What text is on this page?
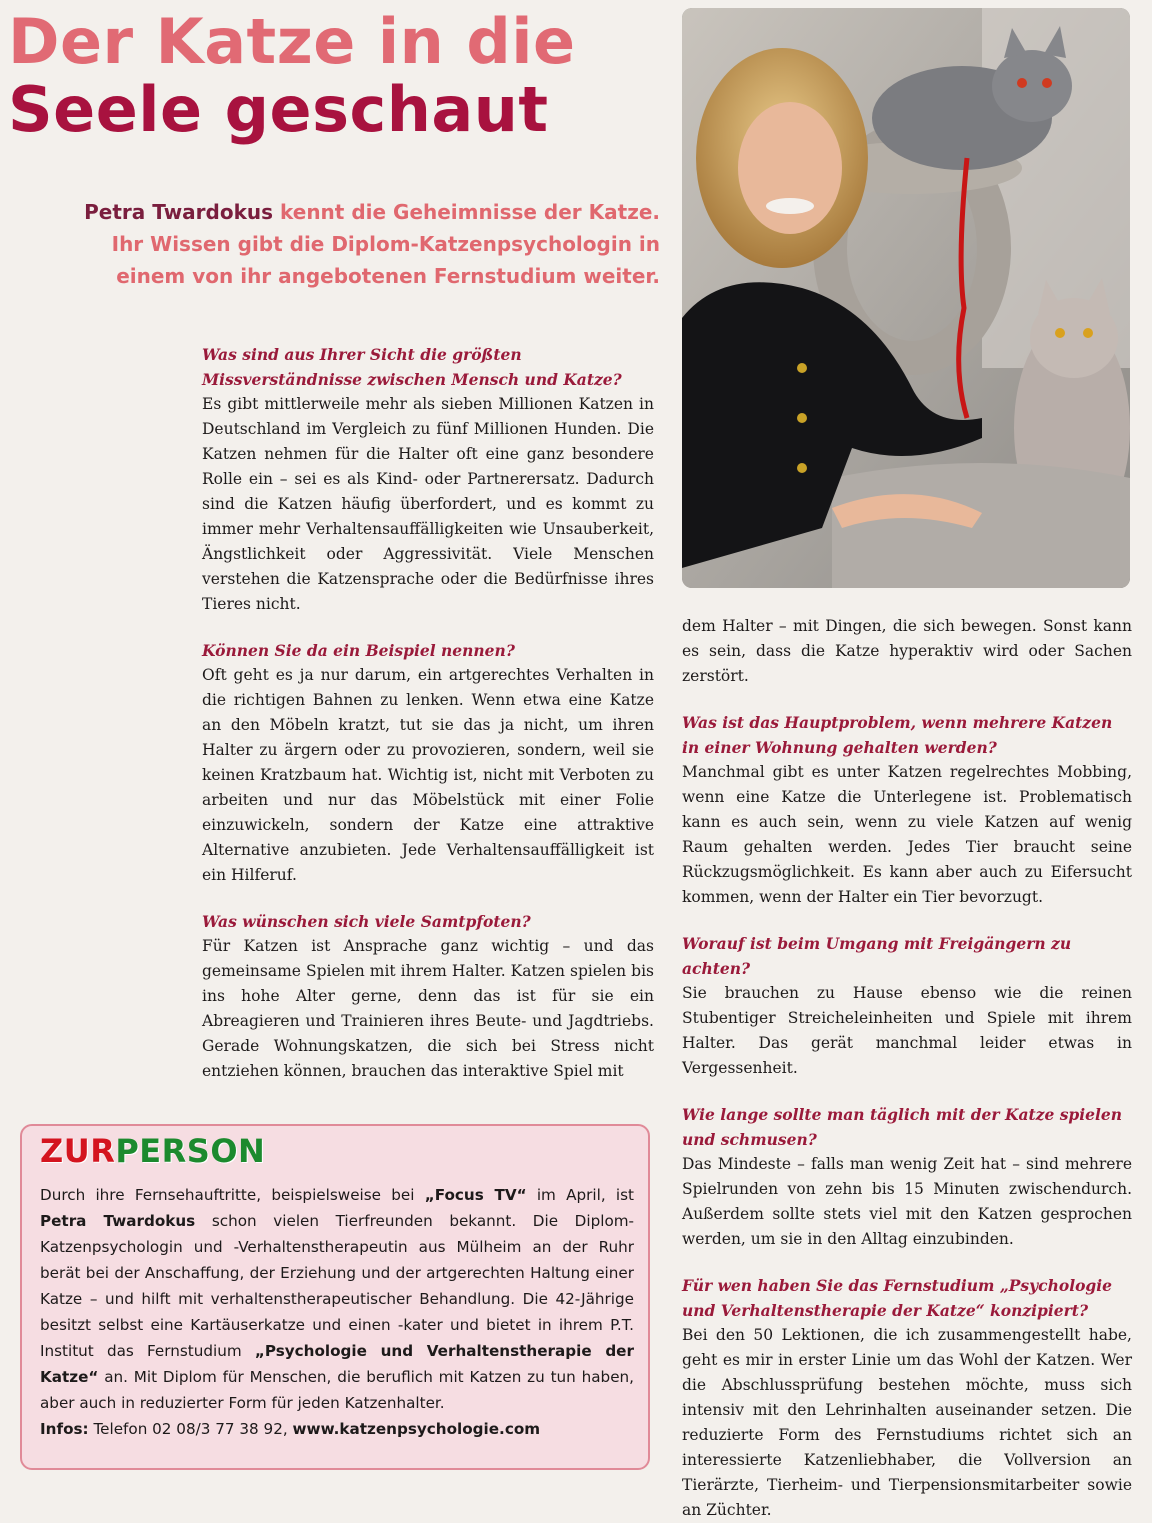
Der Katze in die
Seele geschaut

Petra Twardokus kennt die Geheimnisse der Katze.
Ihr Wissen gibt die Diplom-Katzenpsychologin in
einem von ihr angebotenen Fernstudium weiter.

Was sind aus Ihrer Sicht die größten Missverständnisse zwischen Mensch und Katze?

Es gibt mittlerweile mehr als sieben Millionen Katzen in Deutschland im Vergleich zu fünf Millionen Hunden. Die Katzen nehmen für die Halter oft eine ganz besondere Rolle ein – sei es als Kind- oder Partnerersatz. Dadurch sind die Katzen häufig überfordert, und es kommt zu immer mehr Verhaltensauffälligkeiten wie Unsauberkeit, Ängstlichkeit oder Aggressivität. Viele Menschen verstehen die Katzensprache oder die Bedürfnisse ihres Tieres nicht.

Können Sie da ein Beispiel nennen?

Oft geht es ja nur darum, ein artgerechtes Verhalten in die richtigen Bahnen zu lenken. Wenn etwa eine Katze an den Möbeln kratzt, tut sie das ja nicht, um ihren Halter zu ärgern oder zu provozieren, sondern, weil sie keinen Kratzbaum hat. Wichtig ist, nicht mit Verboten zu arbeiten und nur das Möbelstück mit einer Folie einzuwickeln, sondern der Katze eine attraktive Alternative anzubieten. Jede Verhaltensauffälligkeit ist ein Hilferuf.

Was wünschen sich viele Samtpfoten?

Für Katzen ist Ansprache ganz wichtig – und das gemeinsame Spielen mit ihrem Halter. Katzen spielen bis ins hohe Alter gerne, denn das ist für sie ein Abreagieren und Trainieren ihres Beute- und Jagdtriebs. Gerade Wohnungskatzen, die sich bei Stress nicht entziehen können, brauchen das interaktive Spiel mit

dem Halter – mit Dingen, die sich bewegen. Sonst kann es sein, dass die Katze hyperaktiv wird oder Sachen zerstört.

Was ist das Hauptproblem, wenn mehrere Katzen in einer Wohnung gehalten werden?

Manchmal gibt es unter Katzen regelrechtes Mobbing, wenn eine Katze die Unterlegene ist. Problematisch kann es auch sein, wenn zu viele Katzen auf wenig Raum gehalten werden. Jedes Tier braucht seine Rückzugsmöglichkeit. Es kann aber auch zu Eifersucht kommen, wenn der Halter ein Tier bevorzugt.

Worauf ist beim Umgang mit Freigängern zu achten?

Sie brauchen zu Hause ebenso wie die reinen Stubentiger Streicheleinheiten und Spiele mit ihrem Halter. Das gerät manchmal leider etwas in Vergessenheit.

Wie lange sollte man täglich mit der Katze spielen und schmusen?

Das Mindeste – falls man wenig Zeit hat – sind mehrere Spielrunden von zehn bis 15 Minuten zwischendurch. Außerdem sollte stets viel mit den Katzen gesprochen werden, um sie in den Alltag einzubinden.

Für wen haben Sie das Fernstudium „Psychologie und Verhaltenstherapie der Katze“ konzipiert?

Bei den 50 Lektionen, die ich zusammengestellt habe, geht es mir in erster Linie um das Wohl der Katzen. Wer die Abschlussprüfung bestehen möchte, muss sich intensiv mit den Lehrinhalten auseinander setzen. Die reduzierte Form des Fernstudiums richtet sich an interessierte Katzenliebhaber, die Vollversion an Tierärzte, Tierheim- und Tierpensionsmitarbeiter sowie an Züchter.

ZURPERSON

Durch ihre Fernsehauftritte, beispielsweise bei „Focus TV“ im April, ist Petra Twardokus schon vielen Tierfreunden bekannt. Die Diplom-Katzenpsychologin und -Verhaltenstherapeutin aus Mülheim an der Ruhr berät bei der Anschaffung, der Erziehung und der artgerechten Haltung einer Katze – und hilft mit verhaltenstherapeutischer Behandlung. Die 42-Jährige besitzt selbst eine Kartäuserkatze und einen -kater und bietet in ihrem P.T. Institut das Fernstudium „Psychologie und Verhaltenstherapie der Katze“ an. Mit Diplom für Menschen, die beruflich mit Katzen zu tun haben, aber auch in reduzierter Form für jeden Katzenhalter.
Infos: Telefon 02 08/3 77 38 92, www.katzenpsychologie.com
